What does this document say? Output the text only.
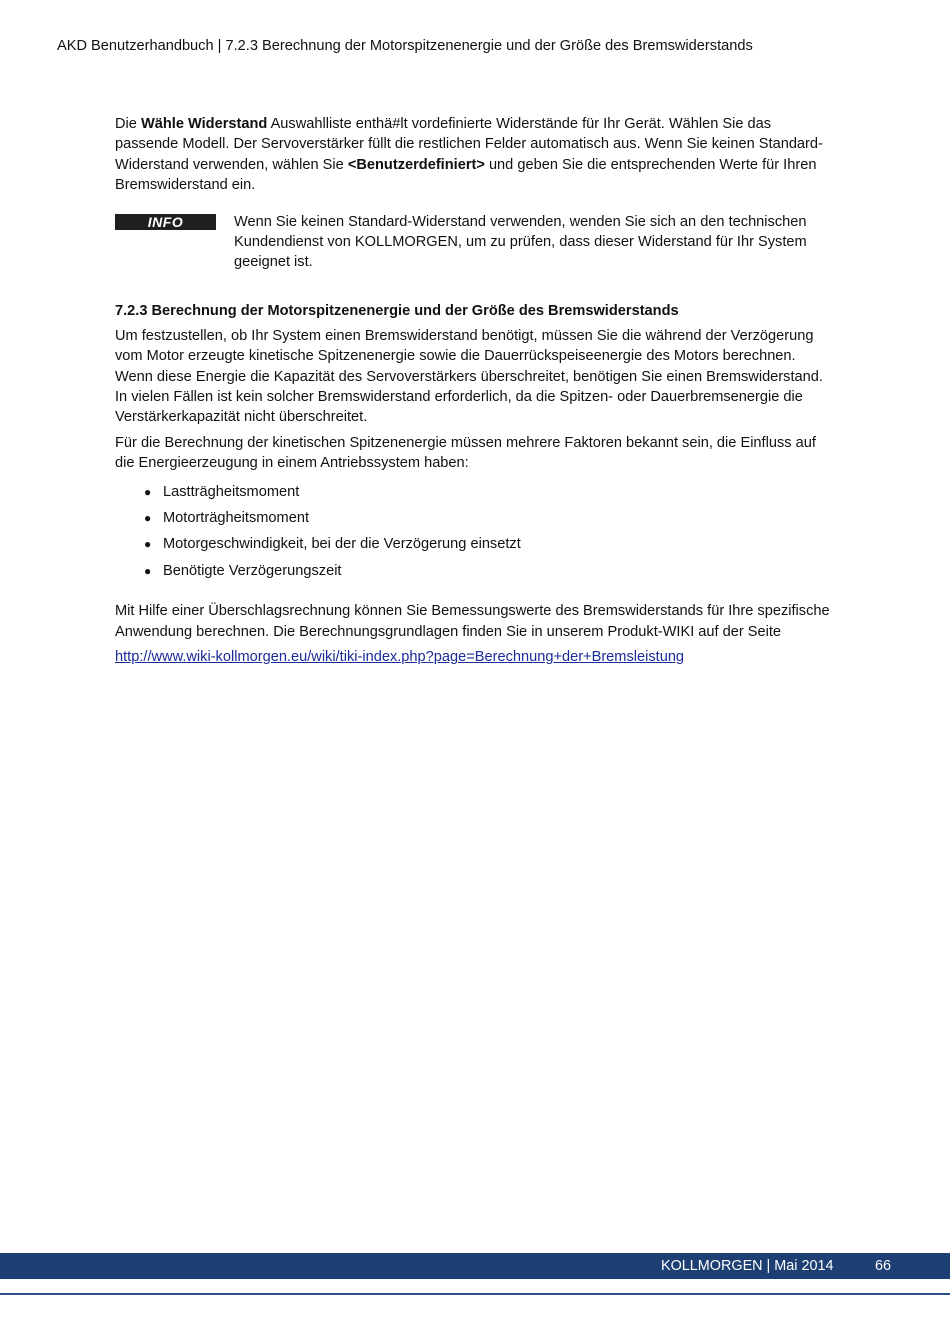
AKD Benutzerhandbuch | 7.2.3 Berechnung der Motorspitzenenergie und der Größe des Bremswiderstands

Die Wähle Widerstand Auswahlliste enthä#lt vordefinierte Widerstände für Ihr Gerät. Wählen Sie das passende Modell. Der Servoverstärker füllt die restlichen Felder automatisch aus. Wenn Sie keinen Standard-Widerstand verwenden, wählen Sie <Benutzerdefiniert> und geben Sie die entsprechenden Werte für Ihren Bremswiderstand ein.

INFO	Wenn Sie keinen Standard-Widerstand verwenden, wenden Sie sich an den technischen Kundendienst von KOLLMORGEN, um zu prüfen, dass dieser Widerstand für Ihr System geeignet ist.

7.2.3 Berechnung der Motorspitzenenergie und der Größe des Bremswiderstands

Um festzustellen, ob Ihr System einen Bremswiderstand benötigt, müssen Sie die während der Verzögerung vom Motor erzeugte kinetische Spitzenenergie sowie die Dauerrückspeiseenergie des Motors berechnen. Wenn diese Energie die Kapazität des Servoverstärkers überschreitet, benötigen Sie einen Bremswiderstand. In vielen Fällen ist kein solcher Bremswiderstand erforderlich, da die Spitzen- oder Dauerbremsenergie die Verstärkerkapazität nicht überschreitet.

Für die Berechnung der kinetischen Spitzenenergie müssen mehrere Faktoren bekannt sein, die Einfluss auf die Energieerzeugung in einem Antriebssystem haben:

● Lastträgheitsmoment
● Motorträgheitsmoment
● Motorgeschwindigkeit, bei der die Verzögerung einsetzt
● Benötigte Verzögerungszeit

Mit Hilfe einer Überschlagsrechnung können Sie Bemessungswerte des Bremswiderstands für Ihre spezifische Anwendung berechnen. Die Berechnungsgrundlagen finden Sie in unserem Produkt-WIKI auf der Seite

http://www.wiki-kollmorgen.eu/wiki/tiki-index.php?page=Berechnung+der+Bremsleistung

KOLLMORGEN | Mai 2014	66
